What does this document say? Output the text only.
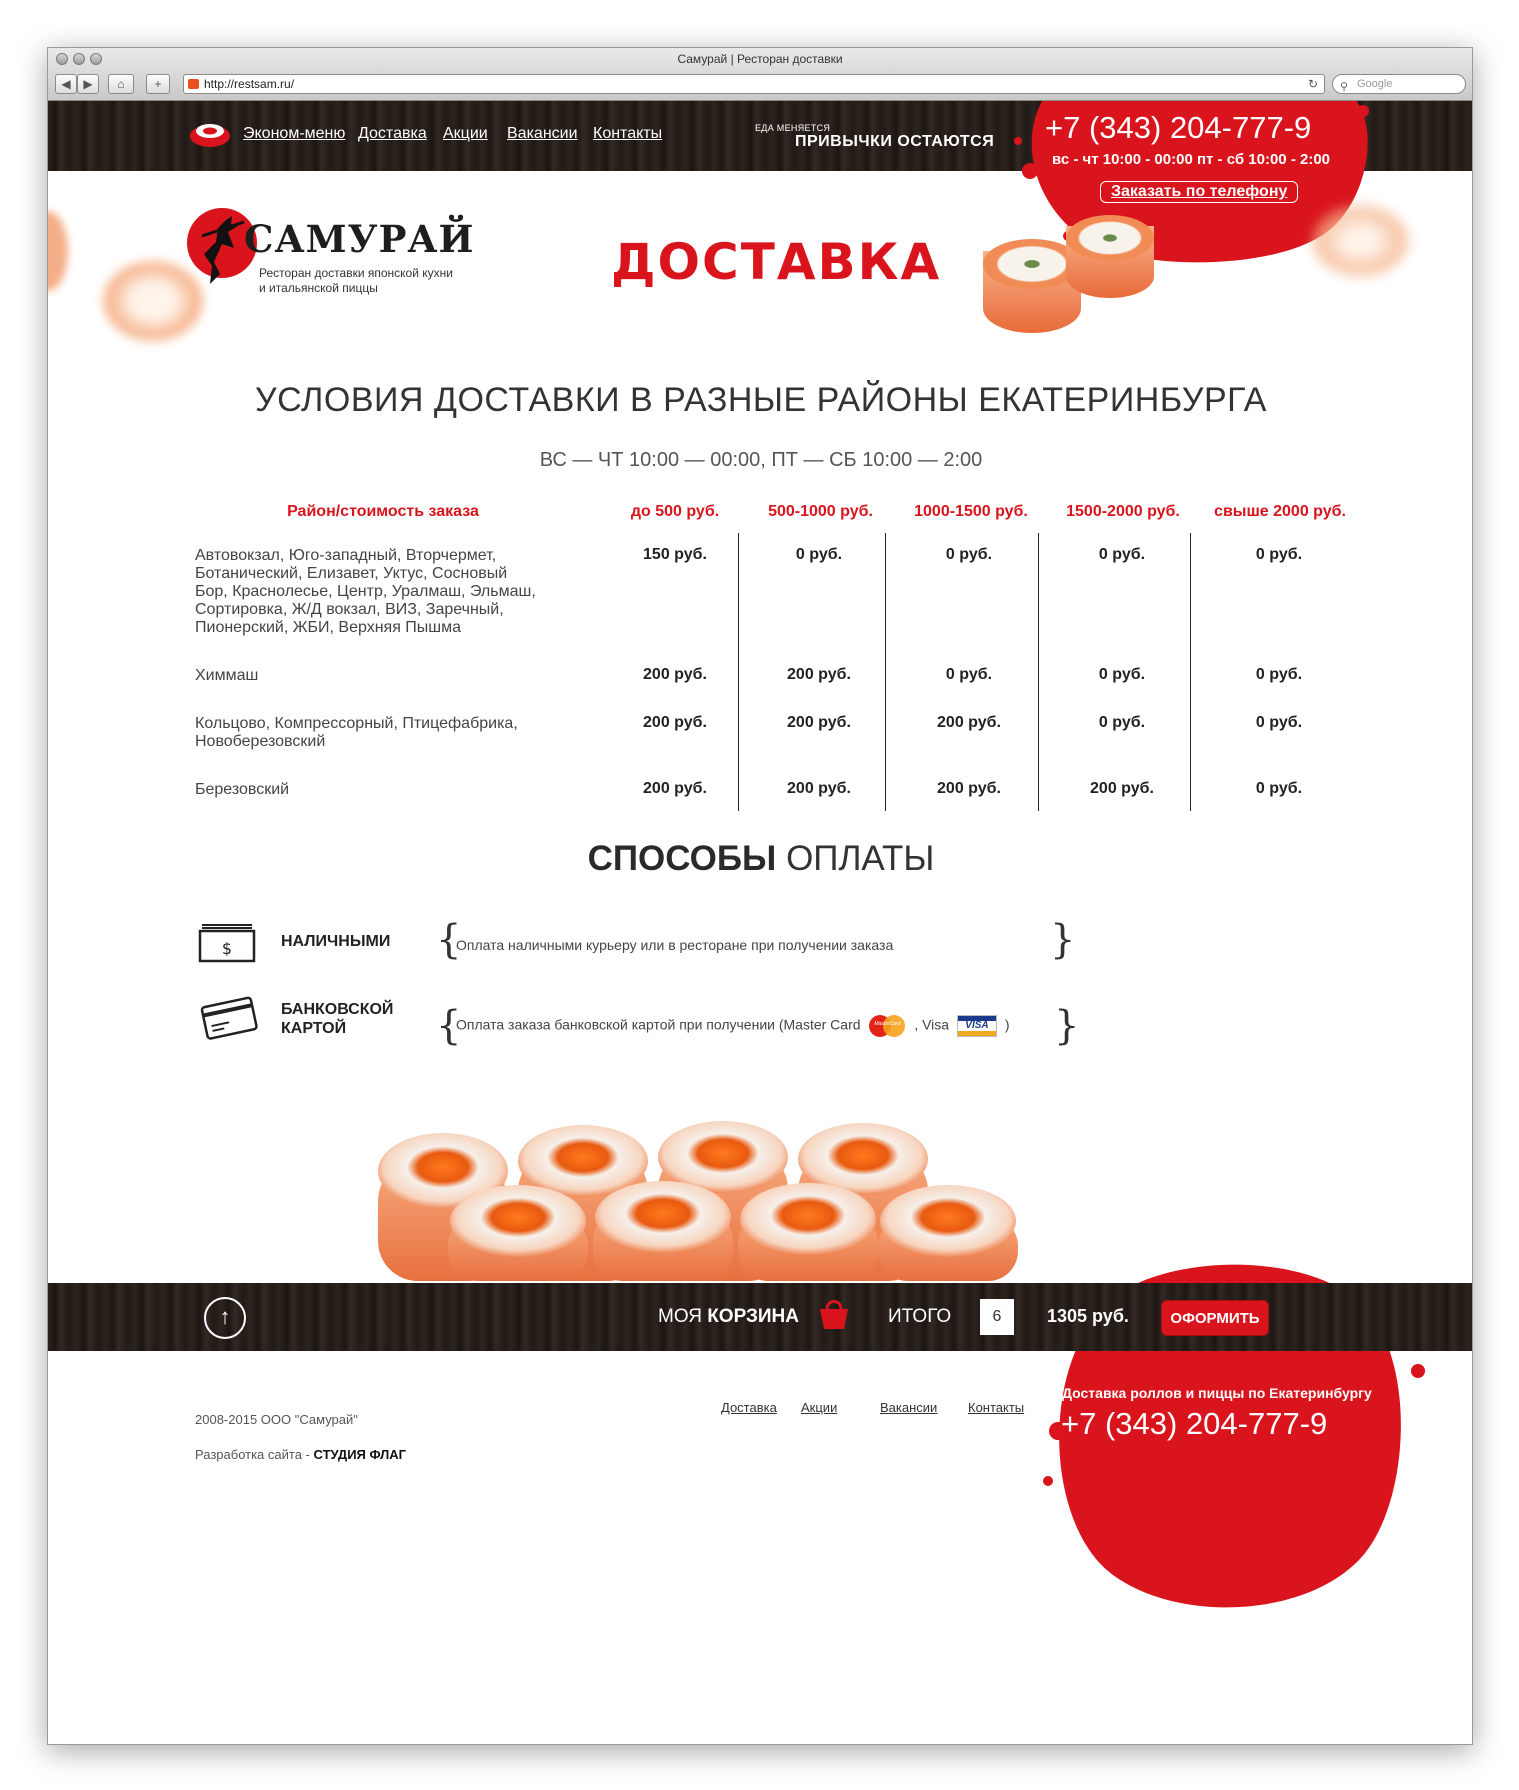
Самурай | Ресторан доставки
◀	▶	⌂	+	http://restsam.ru/	↻ ⚲ Google
Эконом-меню Доставка Акции Вакансии Контакты	ЕДА МЕНЯЕТСЯ
ПРИВЫЧКИ ОСТАЮТСЯ +7 (343) 204-777-9
вс - чт 10:00 - 00:00 пт - сб 10:00 - 2:00
Заказать по телефону
САМУРАЙ
Ресторан доставки японской кухни
и итальянской пиццы	ДОСТАВКА
УСЛОВИЯ ДОСТАВКИ В РАЗНЫЕ РАЙОНЫ ЕКАТЕРИНБУРГА
ВС — ЧТ 10:00 — 00:00, ПТ — СБ 10:00 — 2:00
Район/стоимость заказа	до 500 руб.	500-1000 руб.	1000-1500 руб.	1500-2000 руб.	свыше 2000 руб.
Автовокзал, Юго-западный, Вторчермет,
Ботанический, Елизавет, Уктус, Сосновый
Бор, Краснолесье, Центр, Уралмаш, Эльмаш,
Сортировка, Ж/Д вокзал, ВИЗ, Заречный,
Пионерский, ЖБИ, Верхняя Пышма
150 руб.	0 руб.	0 руб.	0 руб.	0 руб.
Химмаш	200 руб.	200 руб.	0 руб.	0 руб.	0 руб.
Кольцово, Компрессорный, Птицефабрика,
Новоберезовский
200 руб.	200 руб.	200 руб.	0 руб.	0 руб.
Березовский	200 руб.	200 руб.	200 руб.	200 руб.	0 руб.
СПОСОБЫ ОПЛАТЫ
$	НАЛИЧНЫМИ {
Оплата наличными курьеру или в ресторане при получении заказа	}
БАНКОВСКОЙ
КАРТОЙ	{
Оплата заказа банковской картой при получении (Master Card	MasterCard , Visa	VISA	) }
↑	МОЯ КОРЗИНА	ИТОГО	6	1305 руб.	ОФОРМИТЬ
2008-2015 ООО "Самурай"
Разработка сайта - СТУДИЯ ФЛАГ
Доставка Акции	Вакансии Контакты
Доставка роллов и пиццы по Екатеринбургу
+7 (343) 204-777-9
